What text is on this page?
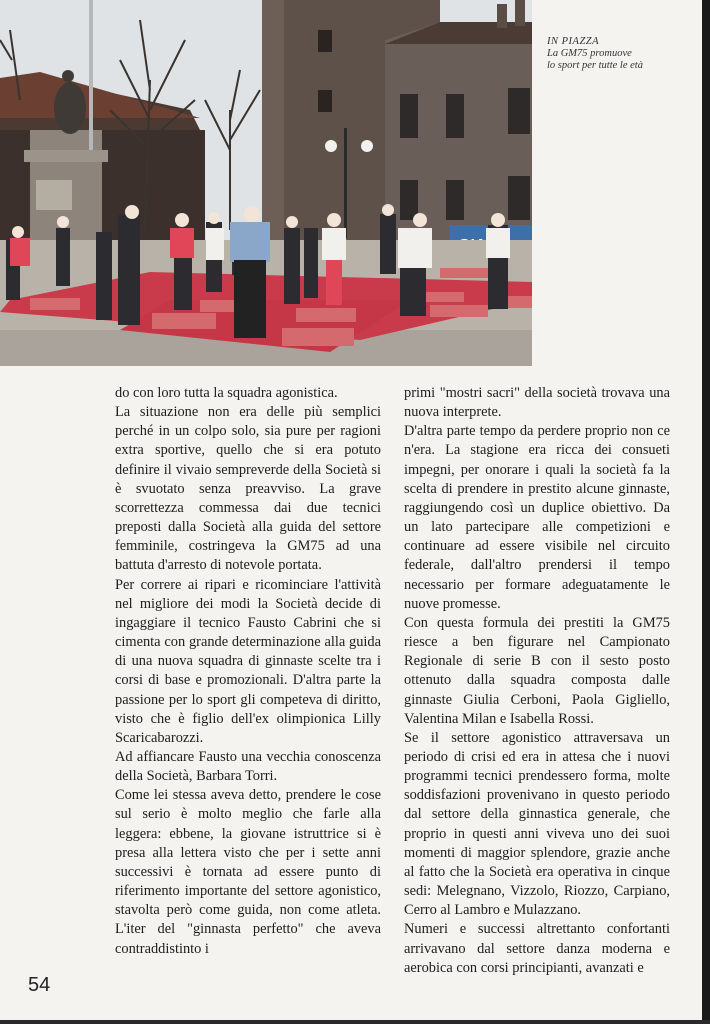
IN PIAZZA
La GM75 promuove
lo sport per tutte le età

do con loro tutta la squadra agonistica.

La situazione non era delle più semplici perché in un colpo solo, sia pure per ragioni extra sportive, quello che si era potuto definire il vivaio sempreverde della Società si è svuotato senza preavviso. La grave scorrettezza commessa dai due tecnici preposti dalla Società alla guida del settore femminile, costringeva la GM75 ad una battuta d'arresto di notevole portata.

Per correre ai ripari e ricominciare l'attività nel migliore dei modi la Società decide di ingaggiare il tecnico Fausto Cabrini che si cimenta con grande determinazione alla guida di una nuova squadra di ginnaste scelte tra i corsi di base e promozionali. D'altra parte la passione per lo sport gli competeva di diritto, visto che è figlio dell'ex olimpionica Lilly Scaricabarozzi.

Ad affiancare Fausto una vecchia conoscenza della Società, Barbara Torri.

Come lei stessa aveva detto, prendere le cose sul serio è molto meglio che farle alla leggera: ebbene, la giovane istruttrice si è presa alla lettera visto che per i sette anni successivi è tornata ad essere punto di riferimento importante del settore agonistico, stavolta però come guida, non come atleta. L'iter del "ginnasta perfetto" che aveva contraddistinto i

primi "mostri sacri" della società trovava una nuova interprete.

D'altra parte tempo da perdere proprio non ce n'era. La stagione era ricca dei consueti impegni, per onorare i quali la società fa la scelta di prendere in prestito alcune ginnaste, raggiungendo così un duplice obiettivo. Da un lato partecipare alle competizioni e continuare ad essere visibile nel circuito federale, dall'altro prendersi il tempo necessario per formare adeguatamente le nuove promesse.

Con questa formula dei prestiti la GM75 riesce a ben figurare nel Campionato Regionale di serie B con il sesto posto ottenuto dalla squadra composta dalle ginnaste Giulia Cerboni, Paola Gigliello, Valentina Milan e Isabella Rossi.

Se il settore agonistico attraversava un periodo di crisi ed era in attesa che i nuovi programmi tecnici prendessero forma, molte soddisfazioni provenivano in questo periodo dal settore della ginnastica generale, che proprio in questi anni viveva uno dei suoi momenti di maggior splendore, grazie anche al fatto che la Società era operativa in cinque sedi: Melegnano, Vizzolo, Riozzo, Carpiano, Cerro al Lambro e Mulazzano.

Numeri e successi altrettanto confortanti arrivavano dal settore danza moderna e aerobica con corsi principianti, avanzati e

54
